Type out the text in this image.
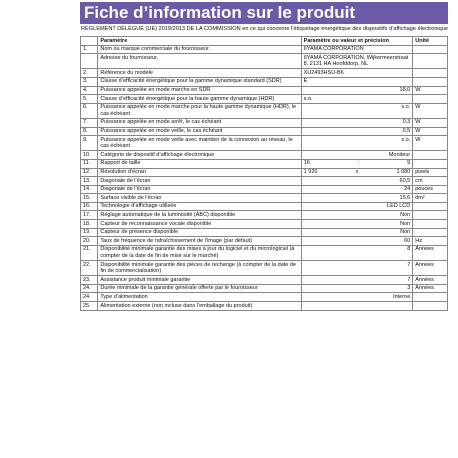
Fiche d’information sur le produit
RÈGLEMENT DÉLÉGUÉ (UE) 2019/2013 DE LA COMMISSION en ce qui concerne l’étiquetage énergétique des dispositifs d’affichage électronique
	Paramètre	Paramètre ou valeur et précision	Unité
1.	Nom ou marque commerciale du fournisseur.	IIYAMA CORPORATION	
	Adresse du fournisseur.	IIYAMA CORPORATION, Wijkermeerstraat 8, 2131 HA Hoofddorp, NL	
2.	Référence du modèle	XU2493HSU-B6	
3.	Classe d’efficacité énergétique pour la gamme dynamique standard (SDR)	E	
4.	Puissance appelée en mode marche en SDR	18,0	W
5.	Classe d’efficacité énergétique pour la haute gamme dynamique (HDR)	s.o.	
6.	Puissance appelée en mode marche pour la haute gamme dynamique (HDR), le cas échéant	s.o.	W
7.	Puissance appelée en mode arrêt, le cas échéant	0,3	W
8.	Puissance appelée en mode veille, le cas échéant	0,5	W
9.	Puissance appelée en mode veille avec maintien de la connexion au réseau, le cas échéant	s.o.	W
10.	Catégorie de dispositif d’affichage électronique	Moniteur	
11.	Rapport de taille	16 : 9	

12.	Résolution d’écran	1 920 x 1 080	pixels
13.	Diagonale de l’écran	60,5	cm
14.	Diagonale de l’écran	24	pouces
15.	Surface visible de l’écran	15,6	dm²
16.	Technologie d’affichage utilisée	LED LCD	
17.	Réglage automatique de la luminosité (ABC) disponible	Non	
18.	Capteur de reconnaissance vocale disponible	Non	
19.	Capteur de présence disponible	Non	
20.	Taux de fréquence de rafraîchissement de l’image (par défaut)	60	Hz
21.	Disponibilité minimale garantie des mises à jour du logiciel et du micrologiciel (à compter de la date de fin de mise sur le marché)	8	Années
22.	Disponibilité minimale garantie des pièces de rechange (à compter de la date de fin de commercialisation)	7	Années
23.	Assistance produit minimale garantie	7	Années
24.	Durée minimale de la garantie générale offerte par le fournisseur	3	Années
24.	Type d’alimentation	Interne	
25.	Alimentation externe (non incluse dans l’emballage du produit)		
